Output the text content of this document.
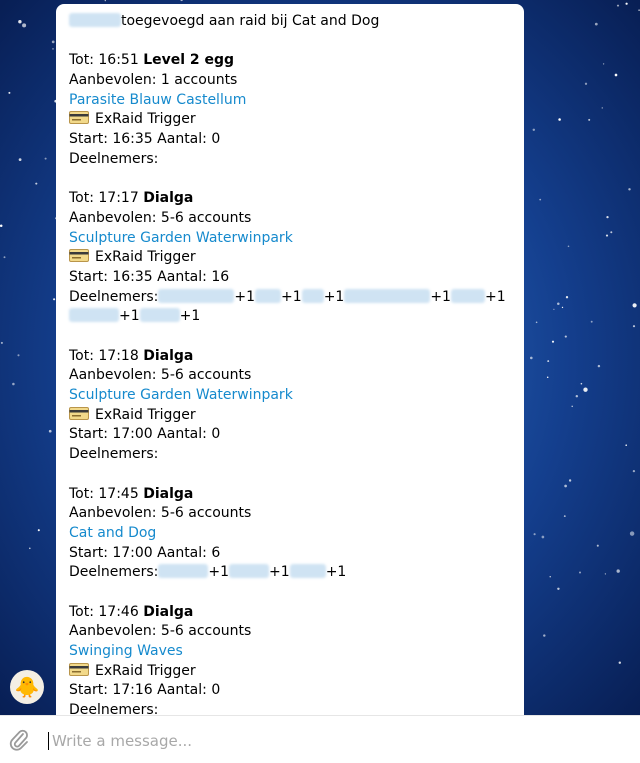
toegevoegd aan raid bij Cat and Dog
Tot: 16:51 Level 2 egg
Aanbevolen: 1 accounts
Parasite Blauw Castellum
ExRaid Trigger
Start: 16:35 Aantal: 0
Deelnemers:
Tot: 17:17 Dialga
Aanbevolen: 5-6 accounts
Sculpture Garden Waterwinpark
ExRaid Trigger
Start: 16:35 Aantal: 16
Deelnemers:	+1 +1 +1	+1 +1
+1	+1
Tot: 17:18 Dialga
Aanbevolen: 5-6 accounts
Sculpture Garden Waterwinpark
ExRaid Trigger
Start: 17:00 Aantal: 0
Deelnemers:
Tot: 17:45 Dialga
Aanbevolen: 5-6 accounts
Cat and Dog
Start: 17:00 Aantal: 6
Deelnemers:	+1	+1	+1
Tot: 17:46 Dialga
Aanbevolen: 5-6 accounts
Swinging Waves
ExRaid Trigger
Start: 17:16 Aantal: 0
Deelnemers:
🐥
Write a message...
